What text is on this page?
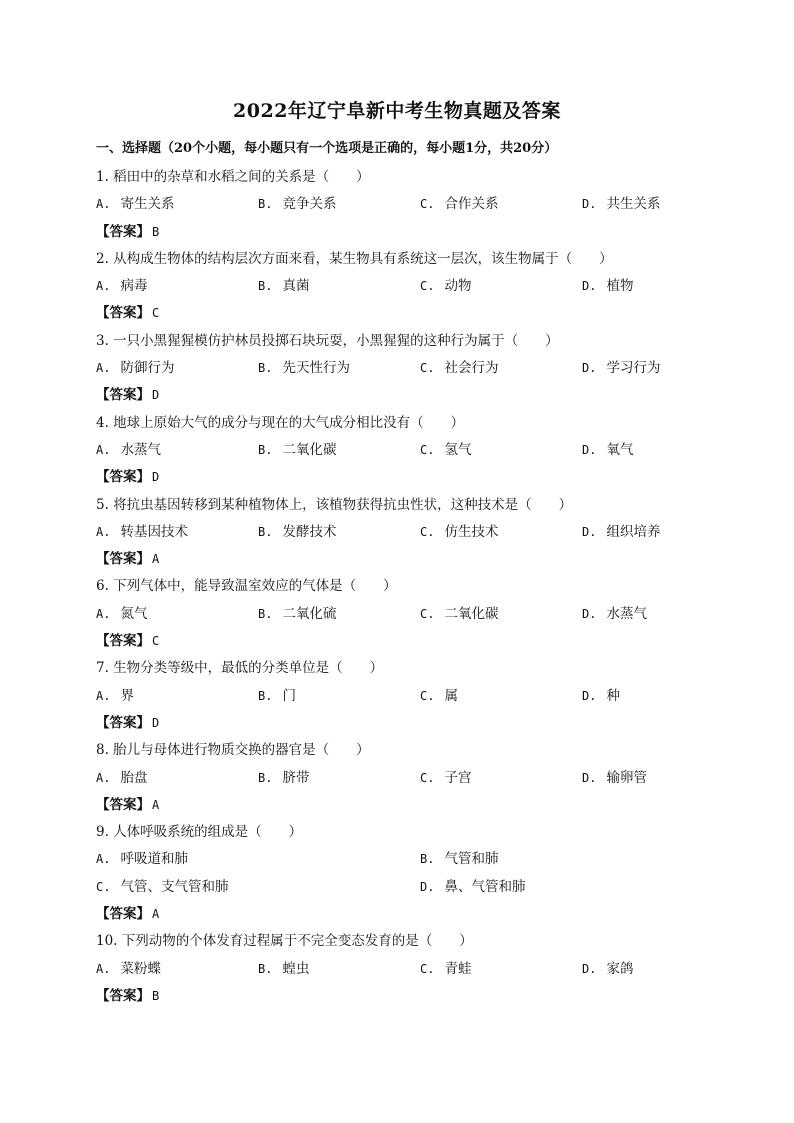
2022年辽宁阜新中考生物真题及答案
一、选择题（20个小题，每小题只有一个选项是正确的，每小题1分，共20分）
1. 稻田中的杂草和水稻之间的关系是（　　）
A. 寄生关系	B. 竞争关系	C. 合作关系	D. 共生关系
【答案】 B
2. 从构成生物体的结构层次方面来看，某生物具有系统这一层次，该生物属于（　　）
A. 病毒	B. 真菌	C. 动物	D. 植物
【答案】 C
3. 一只小黑猩猩模仿护林员投掷石块玩耍，小黑猩猩的这种行为属于（　　）
A. 防御行为	B. 先天性行为	C. 社会行为	D. 学习行为
【答案】 D
4. 地球上原始大气的成分与现在的大气成分相比没有（　　）
A. 水蒸气	B. 二氧化碳	C. 氢气	D. 氧气
【答案】 D
5. 将抗虫基因转移到某种植物体上，该植物获得抗虫性状，这种技术是（　　）
A. 转基因技术	B. 发酵技术	C. 仿生技术	D. 组织培养
【答案】 A
6. 下列气体中，能导致温室效应的气体是（　　）
A. 氮气	B. 二氧化硫	C. 二氧化碳	D. 水蒸气
【答案】 C
7. 生物分类等级中，最低的分类单位是（　　）
A. 界	B. 门	C. 属	D. 种
【答案】 D
8. 胎儿与母体进行物质交换的器官是（　　）
A. 胎盘	B. 脐带	C. 子宫	D. 输卵管
【答案】 A
9. 人体呼吸系统的组成是（　　）
A. 呼吸道和肺	B. 气管和肺
C. 气管、支气管和肺	D. 鼻、气管和肺
【答案】 A
10. 下列动物的个体发育过程属于不完全变态发育的是（　　）
A. 菜粉蝶	B. 蝗虫	C. 青蛙	D. 家鸽
【答案】 B
